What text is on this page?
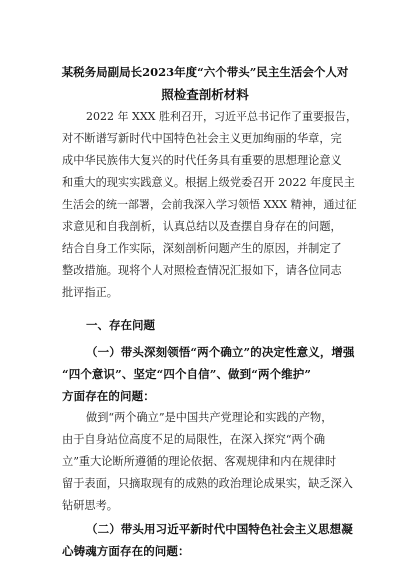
某税务局副局长2023年度“六个带头”民主生活会个人对
照检查剖析材料
2022 年 XXX 胜利召开，习近平总书记作了重要报告，
对不断谱写新时代中国特色社会主义更加绚丽的华章，完
成中华民族伟大复兴的时代任务具有重要的思想理论意义
和重大的现实实践意义。根据上级党委召开 2022 年度民主
生活会的统一部署，会前我深入学习领悟 XXX 精神，通过征
求意见和自我剖析，认真总结以及查摆自身存在的问题，
结合自身工作实际，深刻剖析问题产生的原因，并制定了
整改措施。现将个人对照检查情况汇报如下，请各位同志
批评指正。
一、存在问题
（一）带头深刻领悟“两个确立”的决定性意义，增强
“四个意识”、坚定“四个自信”、做到“两个维护”
方面存在的问题：
做到“两个确立”是中国共产党理论和实践的产物，
由于自身站位高度不足的局限性，在深入探究“两个确
立”重大论断所遵循的理论依据、客观规律和内在规律时
留于表面，只摘取现有的成熟的政治理论成果实，缺乏深入
钻研思考。
（二）带头用习近平新时代中国特色社会主义思想凝
心铸魂方面存在的问题：
